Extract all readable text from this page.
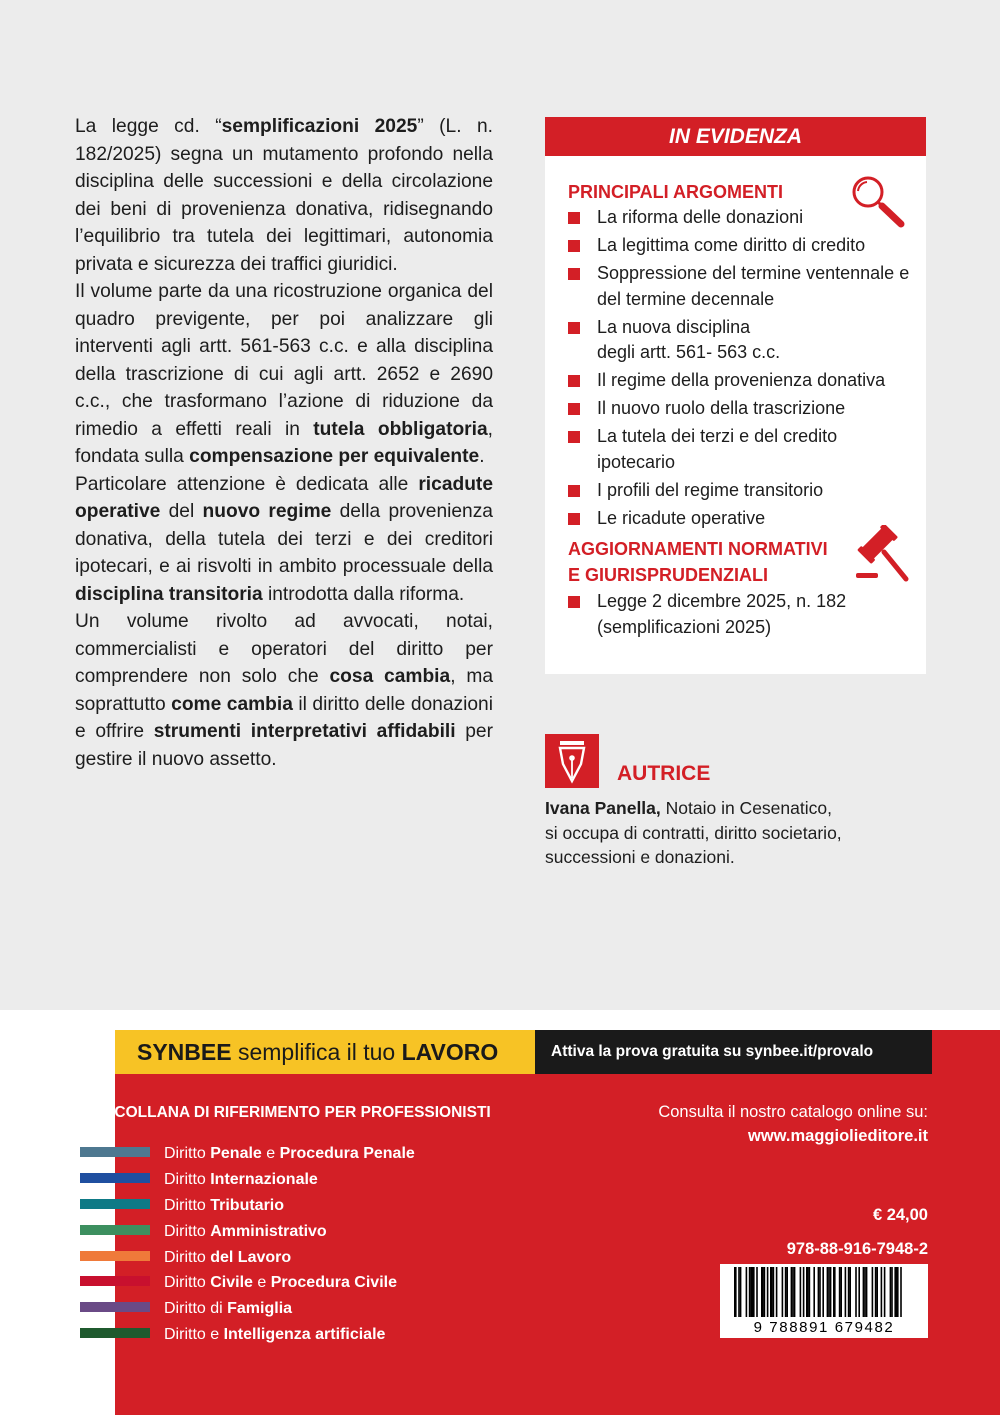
La legge cd. “semplificazioni 2025” (L. n. 182/2025) segna un mutamento profondo nella disciplina delle successioni e della circolazione dei beni di provenienza donativa, ridisegnando l’equilibrio tra tutela dei legittimari, autonomia privata e sicurezza dei traffici giuridici.

Il volume parte da una ricostruzione organica del quadro previgente, per poi analizzare gli interventi agli artt. 561-563 c.c. e alla disciplina della trascrizione di cui agli artt. 2652 e 2690 c.c., che trasformano l’azione di riduzione da rimedio a effetti reali in tutela obbligatoria, fondata sulla compensazione per equivalente.

Particolare attenzione è dedicata alle ricadute operative del nuovo regime della provenienza donativa, della tutela dei terzi e dei creditori ipotecari, e ai risvolti in ambito processuale della disciplina transitoria introdotta dalla riforma.

Un volume rivolto ad avvocati, notai, commercialisti e operatori del diritto per comprendere non solo che cosa cambia, ma soprattutto come cambia il diritto delle donazioni e offrire strumenti interpretativi affidabili per gestire il nuovo assetto.

IN EVIDENZA
PRINCIPALI ARGOMENTI
La riforma delle donazioni
La legittima come diritto di credito
Soppressione del termine ventennale e del termine decennale
La nuova disciplina
degli artt. 561- 563 c.c.
Il regime della provenienza donativa
Il nuovo ruolo della trascrizione
La tutela dei terzi e del credito ipotecario
I profili del regime transitorio
Le ricadute operative
AGGIORNAMENTI NORMATIVI
E GIURISPRUDENZIALI
Legge 2 dicembre 2025, n. 182
(semplificazioni 2025)
AUTRICE
Ivana Panella, Notaio in Cesenatico,
si occupa di contratti, diritto societario,
successioni e donazioni.
SYNBEE semplifica il tuo LAVORO	Attiva la prova gratuita su synbee.it/provalo
LA COLLANA DI RIFERIMENTO PER PROFESSIONISTI
Diritto Penale e Procedura Penale
Diritto Internazionale
Diritto Tributario
Diritto Amministrativo
Diritto del Lavoro
Diritto Civile e Procedura Civile
Diritto di Famiglia
Diritto e Intelligenza artificiale
Consulta il nostro catalogo online su:
www.maggiolieditore.it
€ 24,00
978-88-916-7948-2
9 788891 679482
